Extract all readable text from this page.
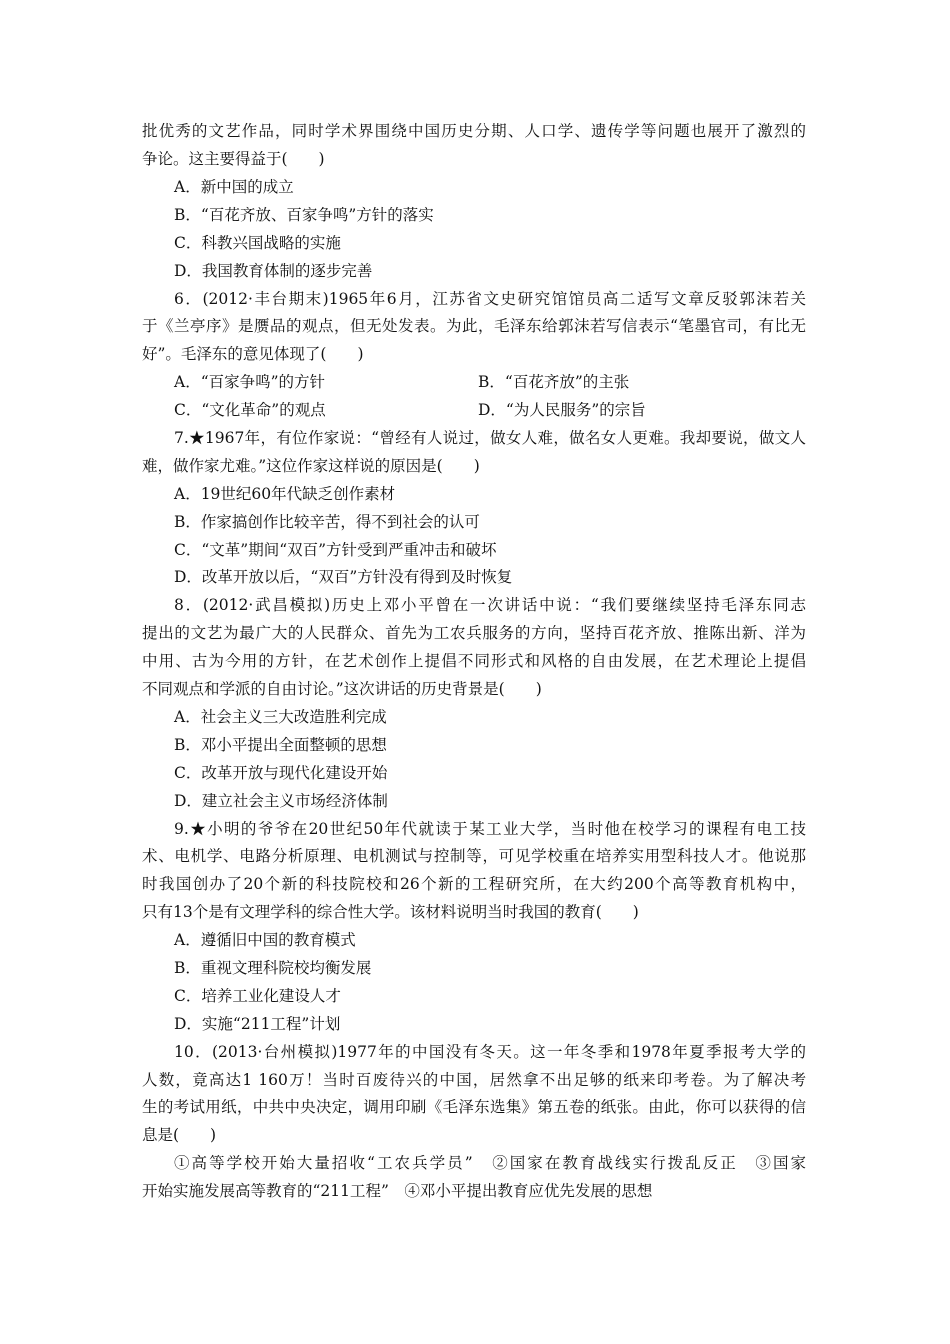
批优秀的文艺作品，同时学术界围绕中国历史分期、人口学、遗传学等问题也展开了激烈的
争论。这主要得益于(　　)
A．新中国的成立
B．“百花齐放、百家争鸣”方针的落实
C．科教兴国战略的实施
D．我国教育体制的逐步完善
6．(2012·丰台期末)1965年6月，江苏省文史研究馆馆员高二适写文章反驳郭沫若关
于《兰亭序》是赝品的观点，但无处发表。为此，毛泽东给郭沫若写信表示“笔墨官司，有比无
好”。毛泽东的意见体现了(　　)
A．“百家争鸣”的方针	B．“百花齐放”的主张
C．“文化革命”的观点	D．“为人民服务”的宗旨
7.★1967年，有位作家说：“曾经有人说过，做女人难，做名女人更难。我却要说，做文人
难，做作家尤难。”这位作家这样说的原因是(　　)
A．19世纪60年代缺乏创作素材
B．作家搞创作比较辛苦，得不到社会的认可
C．“文革”期间“双百”方针受到严重冲击和破坏
D．改革开放以后，“双百”方针没有得到及时恢复
8．(2012·武昌模拟)历史上邓小平曾在一次讲话中说：“我们要继续坚持毛泽东同志
提出的文艺为最广大的人民群众、首先为工农兵服务的方向，坚持百花齐放、推陈出新、洋为
中用、古为今用的方针，在艺术创作上提倡不同形式和风格的自由发展，在艺术理论上提倡
不同观点和学派的自由讨论。”这次讲话的历史背景是(　　)
A．社会主义三大改造胜利完成
B．邓小平提出全面整顿的思想
C．改革开放与现代化建设开始
D．建立社会主义市场经济体制
9.★小明的爷爷在20世纪50年代就读于某工业大学，当时他在校学习的课程有电工技
术、电机学、电路分析原理、电机测试与控制等，可见学校重在培养实用型科技人才。他说那
时我国创办了20个新的科技院校和26个新的工程研究所，在大约200个高等教育机构中，
只有13个是有文理学科的综合性大学。该材料说明当时我国的教育(　　)
A．遵循旧中国的教育模式
B．重视文理科院校均衡发展
C．培养工业化建设人才
D．实施“211工程”计划
10．(2013·台州模拟)1977年的中国没有冬天。这一年冬季和1978年夏季报考大学的
人数，竟高达1 160万！当时百废待兴的中国，居然拿不出足够的纸来印考卷。为了解决考
生的考试用纸，中共中央决定，调用印刷《毛泽东选集》第五卷的纸张。由此，你可以获得的信
息是(　　)
①高等学校开始大量招收“工农兵学员”　②国家在教育战线实行拨乱反正　③国家
开始实施发展高等教育的“211工程”　④邓小平提出教育应优先发展的思想
